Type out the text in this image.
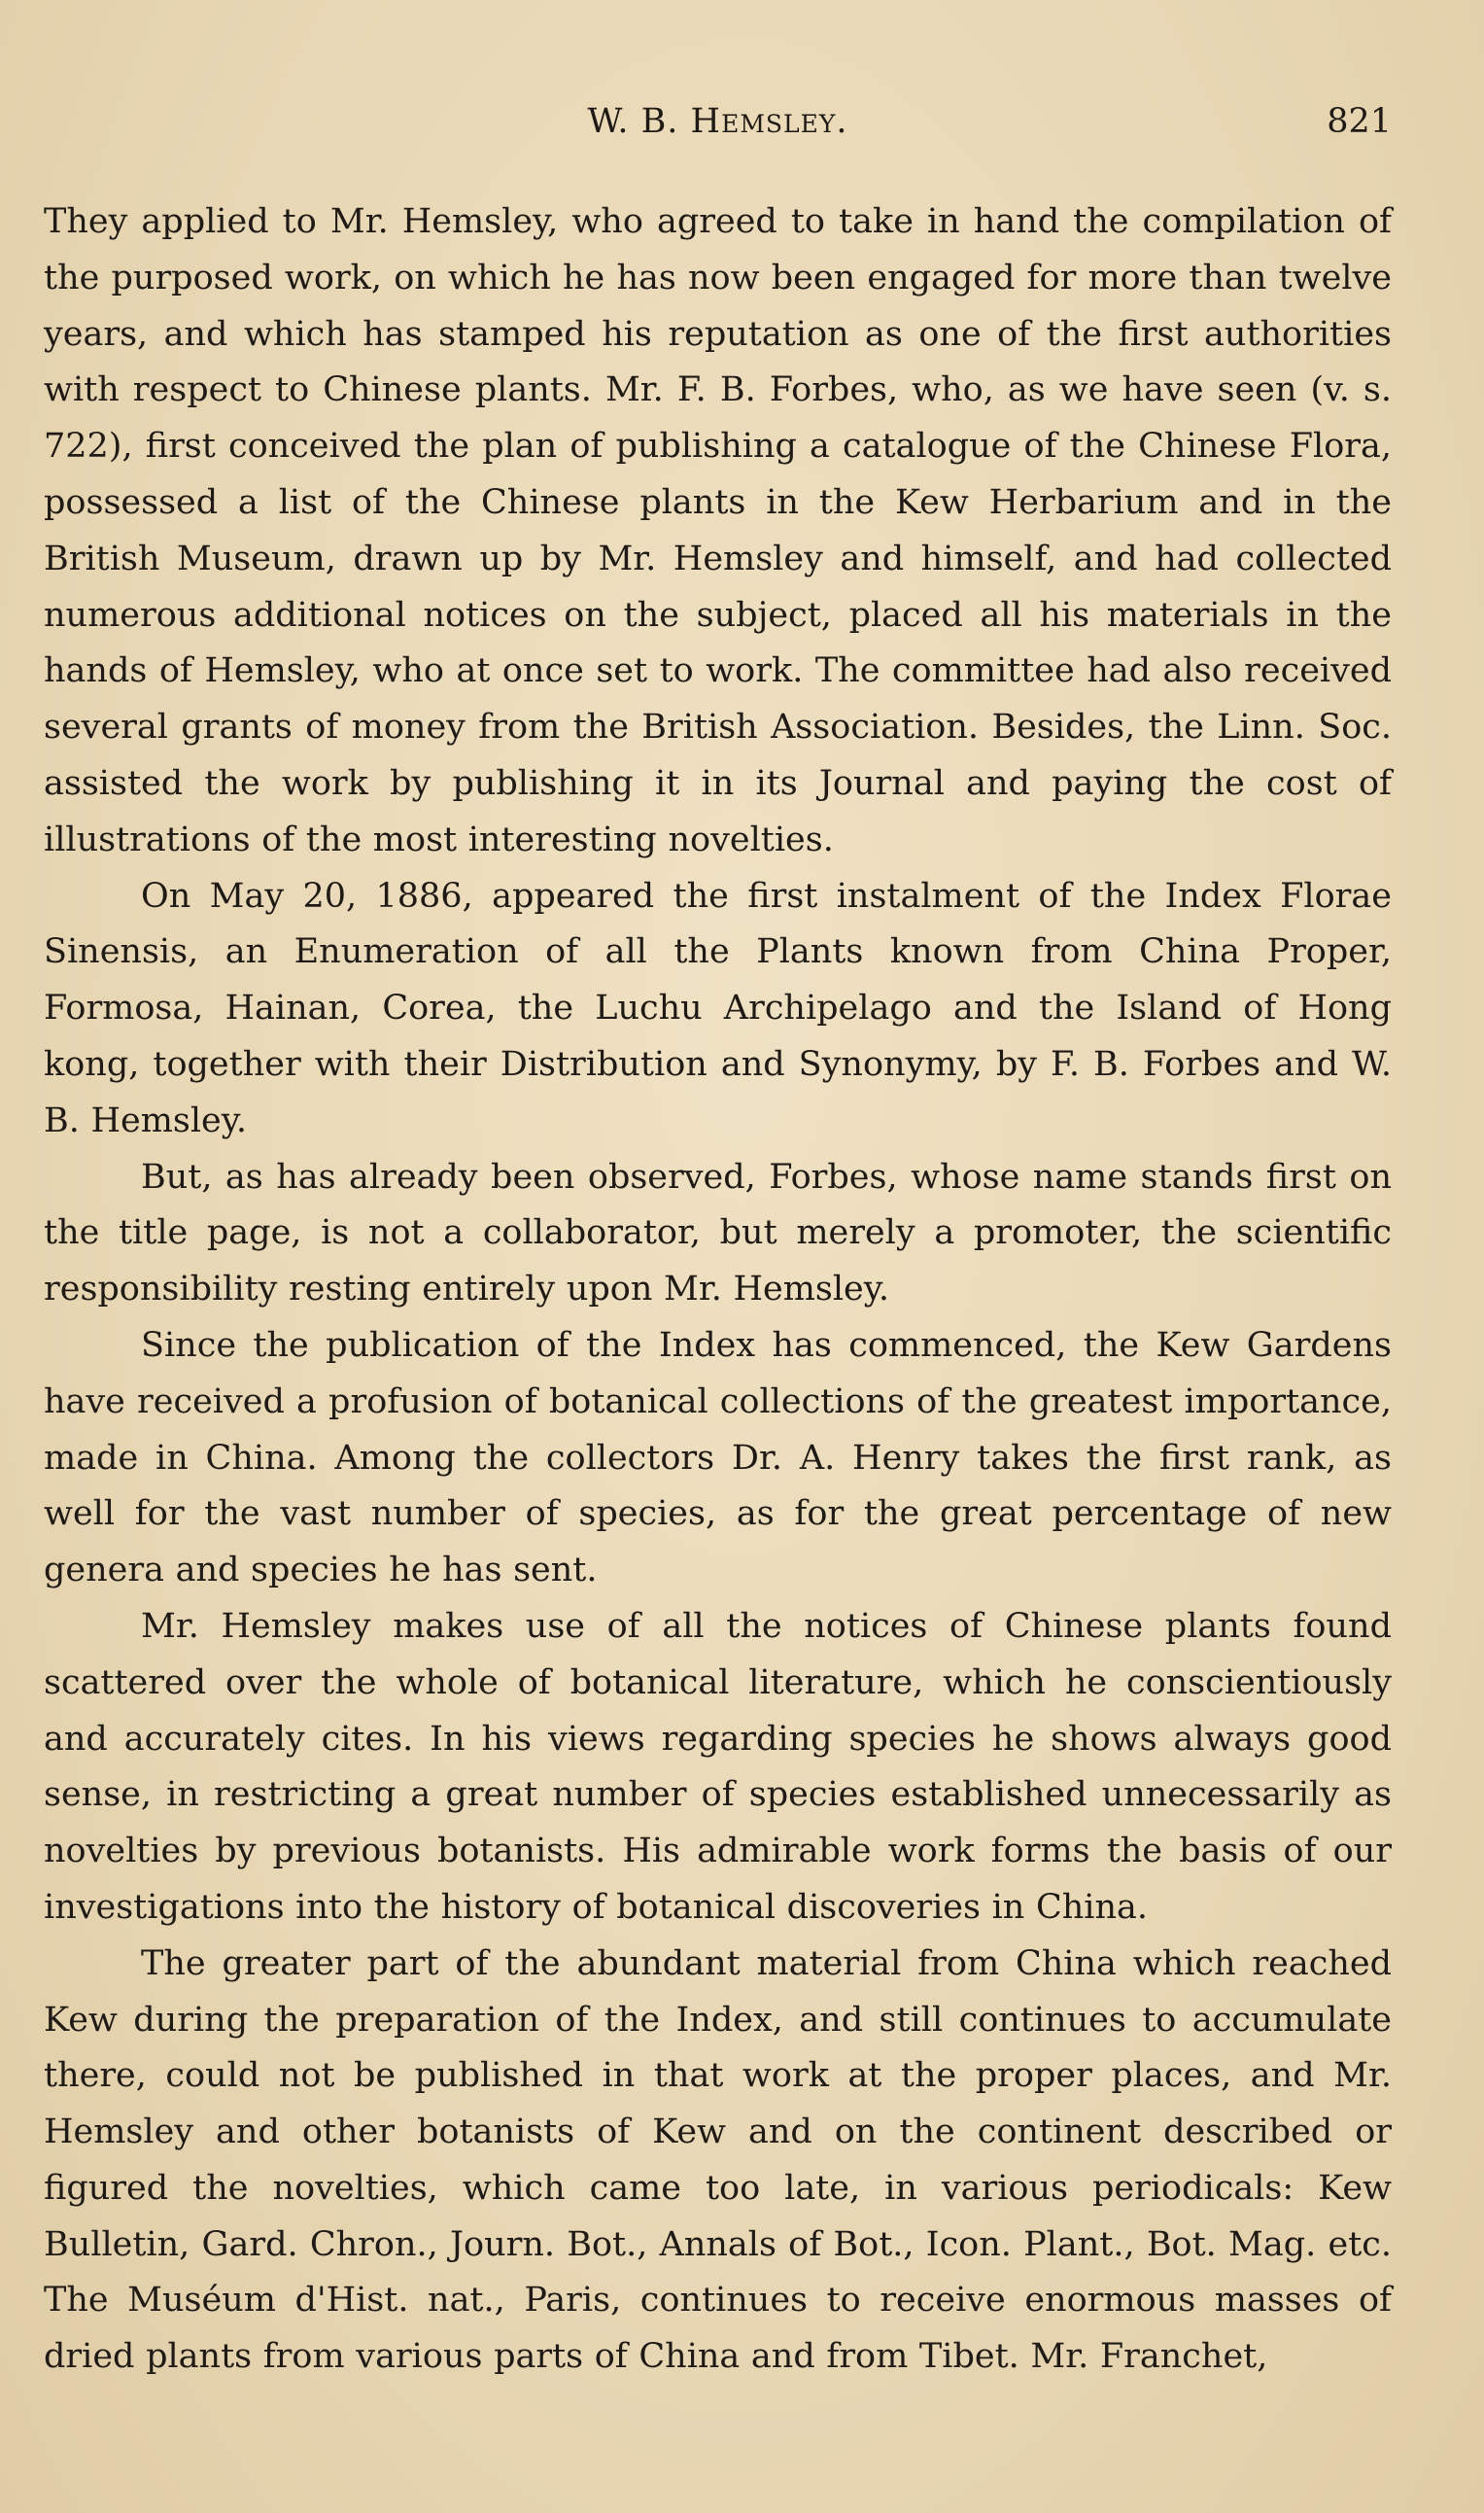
W. B. Hemsley.	821

They applied to Mr. Hemsley, who agreed to take in hand the compilation of the purposed work, on which he has now been engaged for more than twelve years, and which has stamped his reputation as one of the first authorities with respect to Chinese plants. Mr. F. B. Forbes, who, as we have seen (v. s. 722), first conceived the plan of publishing a catalogue of the Chinese Flora, possessed a list of the Chinese plants in the Kew Herbarium and in the British Museum, drawn up by Mr. Hemsley and himself, and had collected numerous additional notices on the subject, placed all his materials in the hands of Hemsley, who at once set to work. The committee had also received several grants of money from the British Association. Besides, the Linn. Soc. assisted the work by publishing it in its Journal and paying the cost of illustrations of the most interesting novelties.

On May 20, 1886, appeared the first instalment of the Index Florae Sinensis, an Enumeration of all the Plants known from China Proper, Formosa, Hainan, Corea, the Luchu Archipelago and the Island of Hong kong, together with their Distribution and Synonymy, by F. B. Forbes and W. B. Hemsley.

But, as has already been observed, Forbes, whose name stands first on the title page, is not a collaborator, but merely a promoter, the scientific responsibility resting entirely upon Mr. Hemsley.

Since the publication of the Index has commenced, the Kew Gardens have received a profusion of botanical collections of the greatest importance, made in China. Among the collectors Dr. A. Henry takes the first rank, as well for the vast number of species, as for the great percentage of new genera and species he has sent.

Mr. Hemsley makes use of all the notices of Chinese plants found scattered over the whole of botanical literature, which he conscientiously and accurately cites. In his views regarding species he shows always good sense, in restricting a great number of species established unnecessarily as novelties by previous botanists. His admirable work forms the basis of our investigations into the history of botanical discoveries in China.

The greater part of the abundant material from China which reached Kew during the preparation of the Index, and still continues to accumulate there, could not be published in that work at the proper places, and Mr. Hemsley and other botanists of Kew and on the continent described or figured the novelties, which came too late, in various periodicals: Kew Bulletin, Gard. Chron., Journ. Bot., Annals of Bot., Icon. Plant., Bot. Mag. etc. The Muséum d'Hist. nat., Paris, continues to receive enormous masses of dried plants from various parts of China and from Tibet. Mr. Franchet,
